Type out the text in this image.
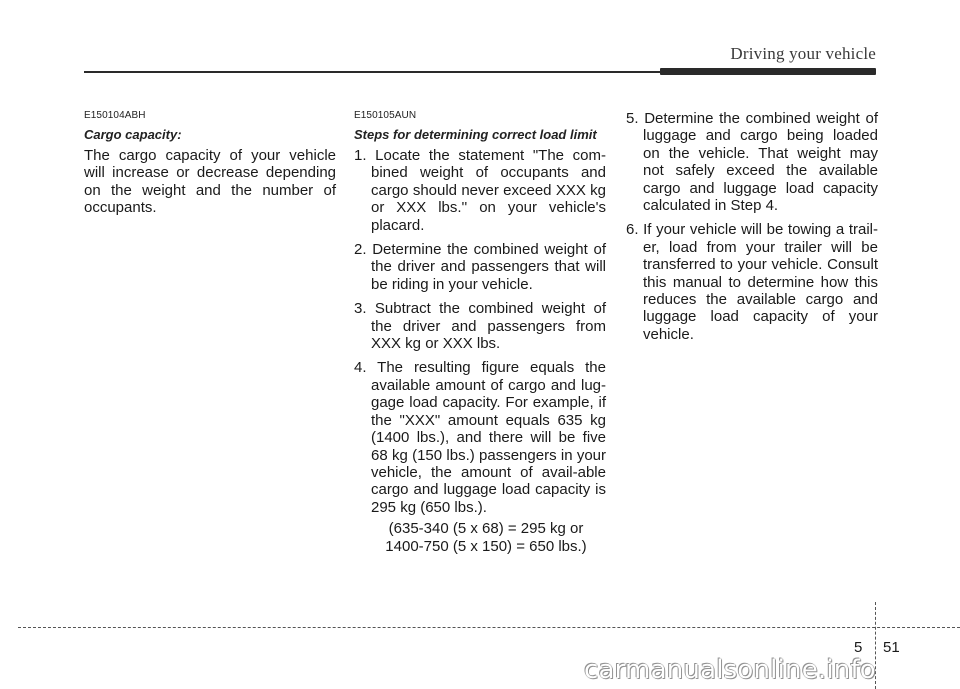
Driving your vehicle

E150104ABH

Cargo capacity:

The cargo capacity of your vehicle will increase or decrease depending on the weight and the number of occupants.

E150105AUN

Steps for determining correct load limit

1. Locate the statement "The com-bined weight of occupants and cargo should never exceed XXX kg or XXX lbs.'' on your vehicle's placard.
2. Determine the combined weight of the driver and passengers that will be riding in your vehicle.
3. Subtract the combined weight of the driver and passengers from XXX kg or XXX lbs.
4. The resulting figure equals the available amount of cargo and lug-gage load capacity. For example, if the "XXX" amount equals 635 kg (1400 lbs.), and there will be five 68 kg (150 lbs.) passengers in your vehicle, the amount of avail-able cargo and luggage load capacity is 295 kg (650 lbs.).

(635-340 (5 x 68) = 295 kg or

1400-750 (5 x 150) = 650 lbs.)

5. Determine the combined weight of luggage and cargo being loaded on the vehicle. That weight may not safely exceed the available cargo and luggage load capacity calculated in Step 4.
6. If your vehicle will be towing a trail-er, load from your trailer will be transferred to your vehicle. Consult this manual to determine how this reduces the available cargo and luggage load capacity of your vehicle.
5 51
carmanualsonline.info
